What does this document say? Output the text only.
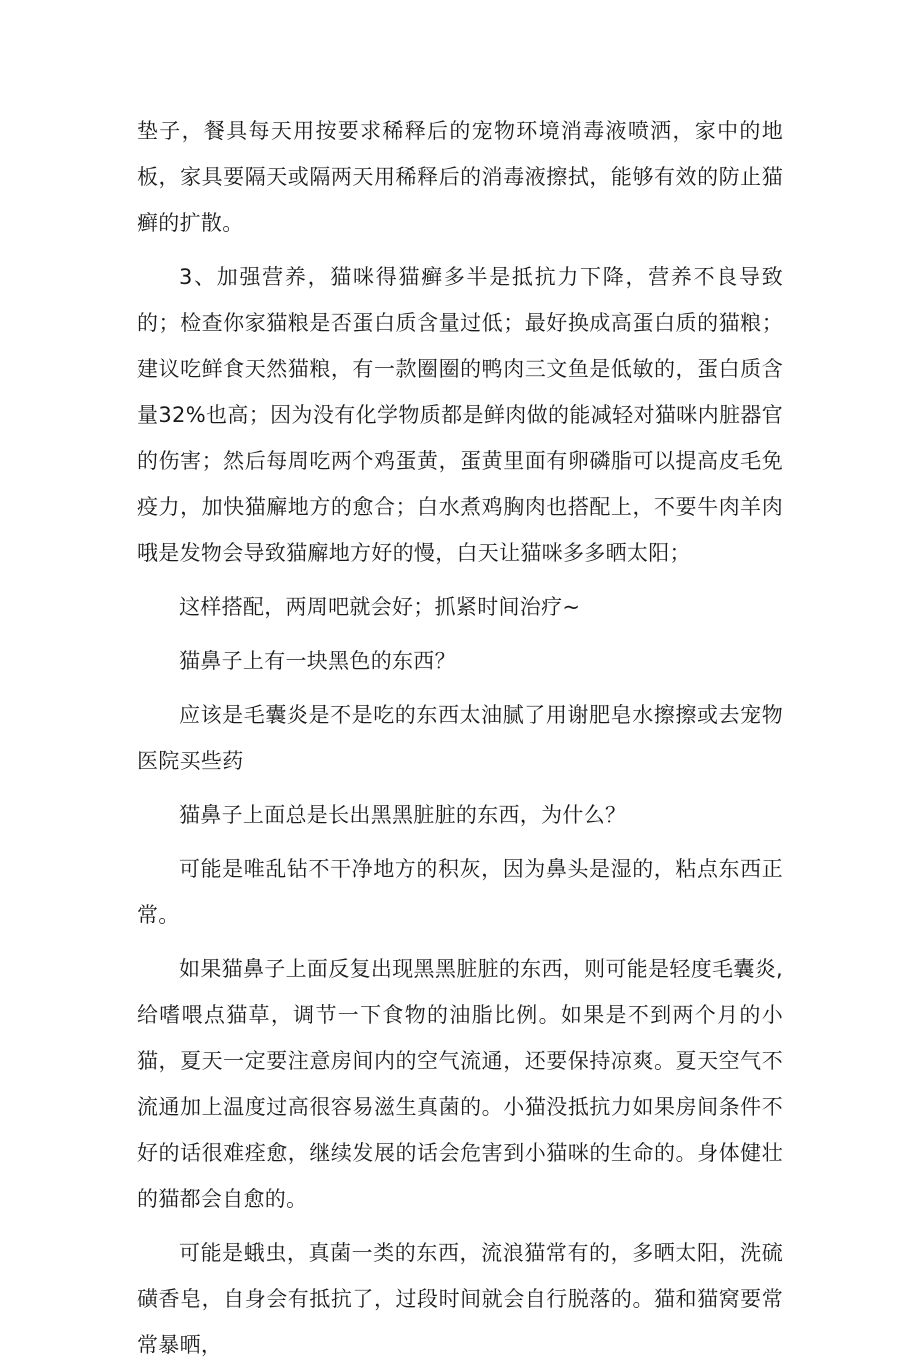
垫子，餐具每天用按要求稀释后的宠物环境消毒液喷洒，家中的地板，家具要隔天或隔两天用稀释后的消毒液擦拭，能够有效的防止猫癣的扩散。

3、加强营养，猫咪得猫癣多半是抵抗力下降，营养不良导致的；检查你家猫粮是否蛋白质含量过低；最好换成高蛋白质的猫粮；建议吃鲜食天然猫粮，有一款圈圈的鸭肉三文鱼是低敏的，蛋白质含量32%也高；因为没有化学物质都是鲜肉做的能减轻对猫咪内脏器官的伤害；然后每周吃两个鸡蛋黄，蛋黄里面有卵磷脂可以提高皮毛免疫力，加快猫廨地方的愈合；白水煮鸡胸肉也搭配上，不要牛肉羊肉哦是发物会导致猫廨地方好的慢，白天让猫咪多多晒太阳；

这样搭配，两周吧就会好；抓紧时间治疗~

猫鼻子上有一块黑色的东西？

应该是毛囊炎是不是吃的东西太油腻了用谢肥皂水擦擦或去宠物医院买些药

猫鼻子上面总是长出黑黑脏脏的东西，为什么？

可能是唯乱钻不干净地方的积灰，因为鼻头是湿的，粘点东西正常。

如果猫鼻子上面反复出现黑黑脏脏的东西，则可能是轻度毛囊炎,给嗜喂点猫草，调节一下食物的油脂比例。如果是不到两个月的小猫，夏天一定要注意房间内的空气流通，还要保持凉爽。夏天空气不流通加上温度过高很容易滋生真菌的。小猫没抵抗力如果房间条件不好的话很难痊愈，继续发展的话会危害到小猫咪的生命的。身体健壮的猫都会自愈的。

可能是蛾虫，真菌一类的东西，流浪猫常有的，多晒太阳，洗硫磺香皂，自身会有抵抗了，过段时间就会自行脱落的。猫和猫窝要常常暴晒，
